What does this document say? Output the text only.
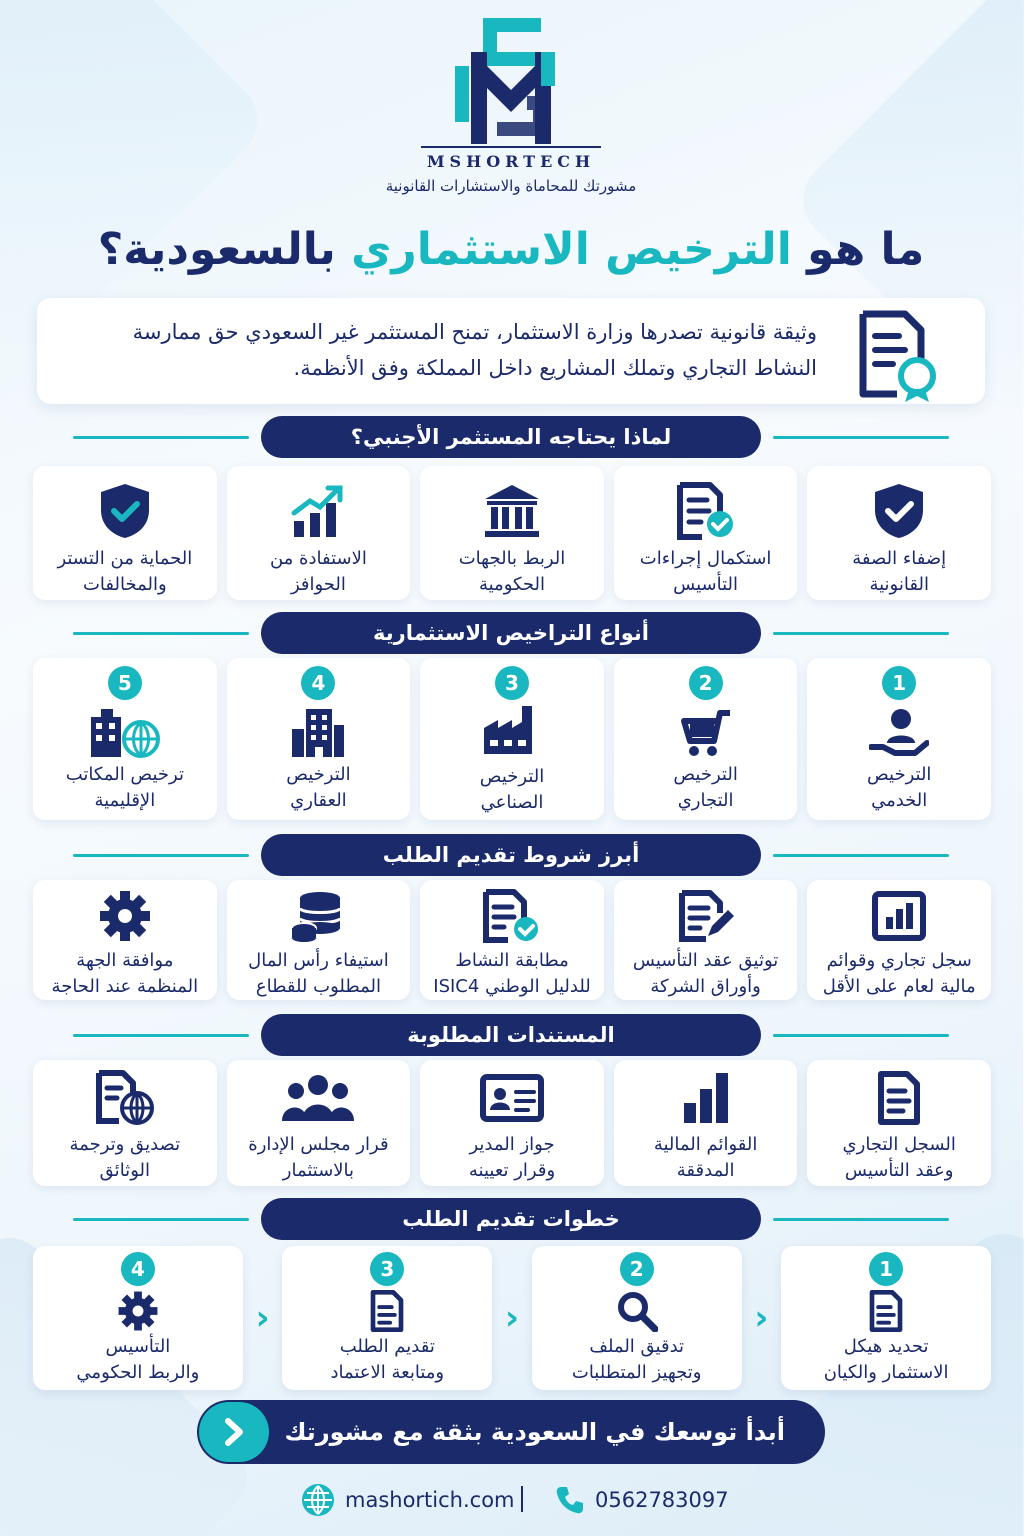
MSHORTECH
مشورتك للمحاماة والاستشارات القانونية
ما هو الترخيص الاستثماري بالسعودية؟
وثيقة قانونية تصدرها وزارة الاستثمار، تمنح المستثمر غير السعودي حق ممارسة النشاط التجاري وتملك المشاريع داخل المملكة وفق الأنظمة.
لماذا يحتاجه المستثمر الأجنبي؟
إضفاء الصفة
القانونية
استكمال إجراءات
التأسيس
الربط بالجهات
الحكومية
الاستفادة من
الحوافز
الحماية من التستر
والمخالفات
أنواع التراخيص الاستثمارية
1
الترخيص
الخدمي
2
الترخيص
التجاري
3
الترخيص
الصناعي
4
الترخيص
العقاري
5
ترخيص المكاتب
الإقليمية
أبرز شروط تقديم الطلب
سجل تجاري وقوائم
مالية لعام على الأقل
توثيق عقد التأسيس
وأوراق الشركة
مطابقة النشاط
للدليل الوطني ISIC4
استيفاء رأس المال
المطلوب للقطاع
موافقة الجهة
المنظمة عند الحاجة
المستندات المطلوبة
السجل التجاري
وعقد التأسيس
القوائم المالية
المدققة
جواز المدير
وقرار تعيينه
قرار مجلس الإدارة
بالاستثمار
تصديق وترجمة
الوثائق
خطوات تقديم الطلب
1
تحديد هيكل
الاستثمار والكيان
‹
2
تدقيق الملف
وتجهيز المتطلبات
‹
3
تقديم الطلب
ومتابعة الاعتماد
‹
4
التأسيس
والربط الحكومي
أبدأ توسعك في السعودية بثقة مع مشورتك
mashortich.com	0562783097
